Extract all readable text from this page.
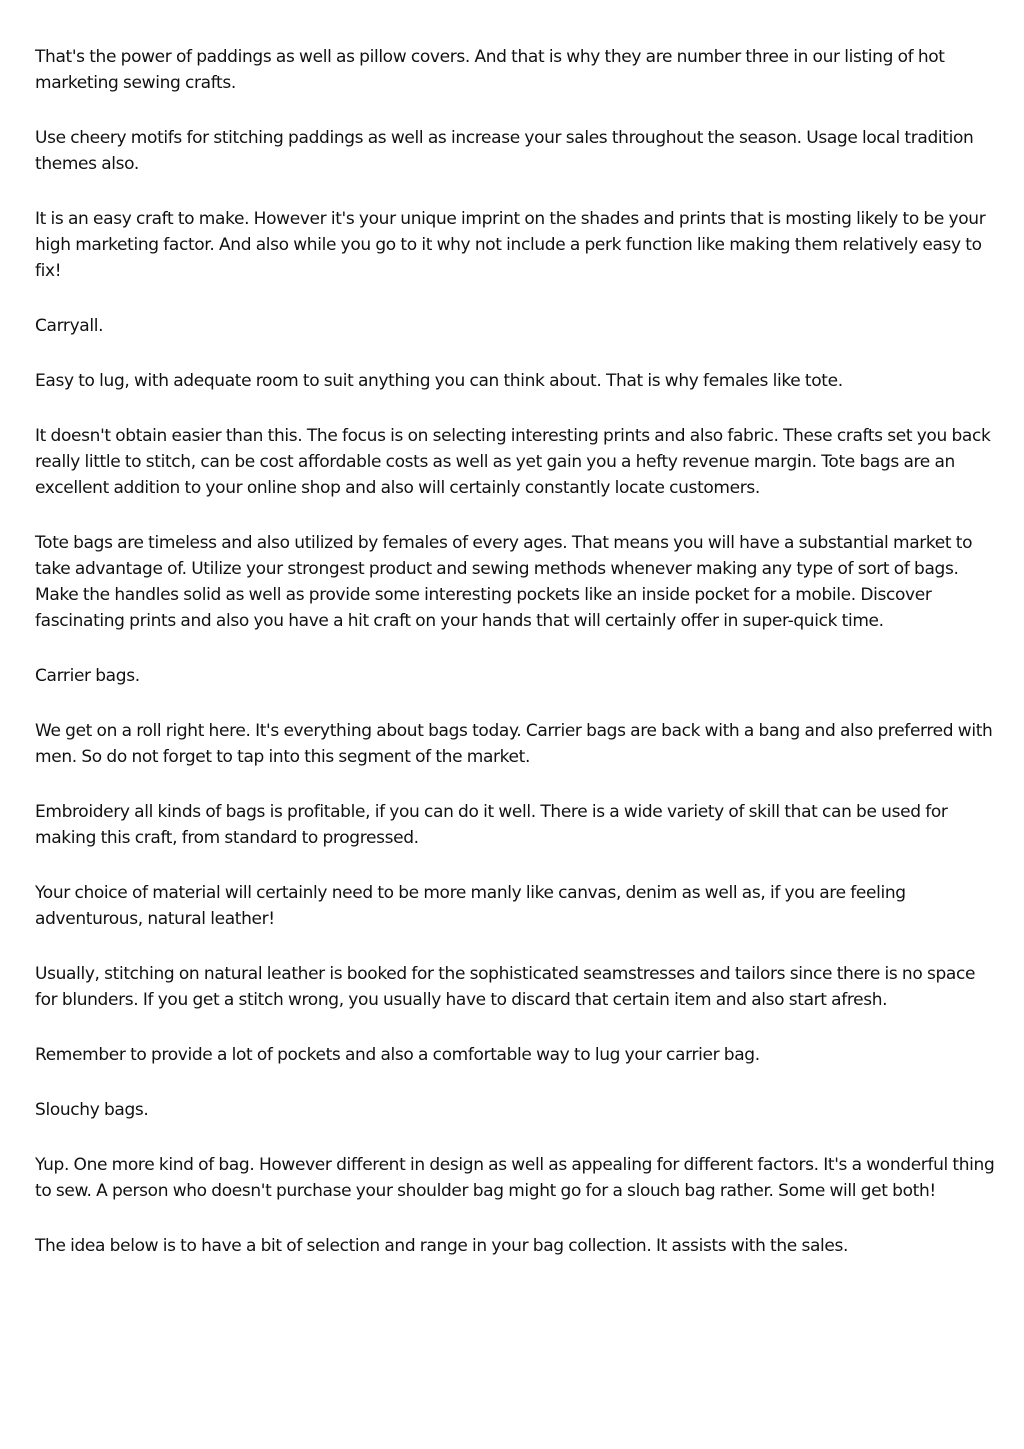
That's the power of paddings as well as pillow covers. And that is why they are number three in our listing of hot marketing sewing crafts.

Use cheery motifs for stitching paddings as well as increase your sales throughout the season. Usage local tradition themes also.

It is an easy craft to make. However it's your unique imprint on the shades and prints that is mosting likely to be your high marketing factor. And also while you go to it why not include a perk function like making them relatively easy to fix!

Carryall.

Easy to lug, with adequate room to suit anything you can think about. That is why females like tote.

It doesn't obtain easier than this. The focus is on selecting interesting prints and also fabric. These crafts set you back really little to stitch, can be cost affordable costs as well as yet gain you a hefty revenue margin. Tote bags are an excellent addition to your online shop and also will certainly constantly locate customers.

Tote bags are timeless and also utilized by females of every ages. That means you will have a substantial market to take advantage of. Utilize your strongest product and sewing methods whenever making any type of sort of bags. Make the handles solid as well as provide some interesting pockets like an inside pocket for a mobile. Discover fascinating prints and also you have a hit craft on your hands that will certainly offer in super-quick time.

Carrier bags.

We get on a roll right here. It's everything about bags today. Carrier bags are back with a bang and also preferred with men. So do not forget to tap into this segment of the market.

Embroidery all kinds of bags is profitable, if you can do it well. There is a wide variety of skill that can be used for making this craft, from standard to progressed.

Your choice of material will certainly need to be more manly like canvas, denim as well as, if you are feeling adventurous, natural leather!

Usually, stitching on natural leather is booked for the sophisticated seamstresses and tailors since there is no space for blunders. If you get a stitch wrong, you usually have to discard that certain item and also start afresh.

Remember to provide a lot of pockets and also a comfortable way to lug your carrier bag.

Slouchy bags.

Yup. One more kind of bag. However different in design as well as appealing for different factors. It's a wonderful thing to sew. A person who doesn't purchase your shoulder bag might go for a slouch bag rather. Some will get both!

The idea below is to have a bit of selection and range in your bag collection. It assists with the sales.
